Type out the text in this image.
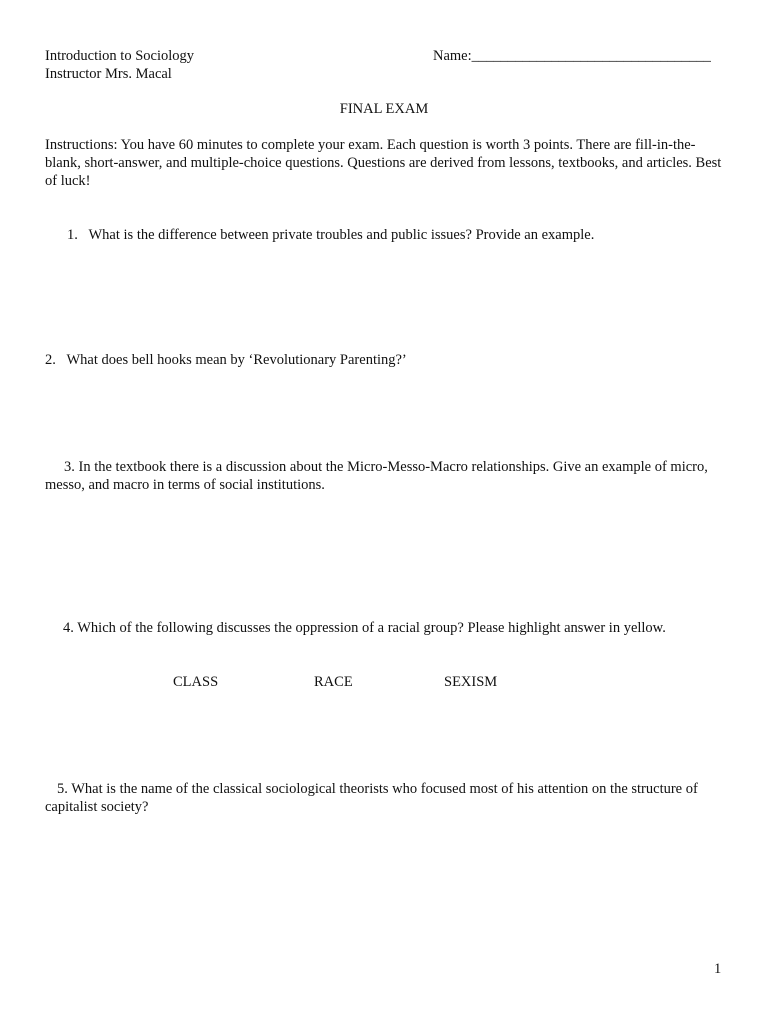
Introduction to Sociology
Instructor Mrs. Macal
Name:_________________________________
FINAL EXAM
Instructions: You have 60 minutes to complete your exam. Each question is worth 3 points. There are fill-in-the-blank, short-answer, and multiple-choice questions. Questions are derived from lessons, textbooks, and articles. Best of luck!
1. What is the difference between private troubles and public issues? Provide an example.
2. What does bell hooks mean by ‘Revolutionary Parenting?’
3. In the textbook there is a discussion about the Micro-Messo-Macro relationships. Give an example of micro, messo, and macro in terms of social institutions.
4. Which of the following discusses the oppression of a racial group? Please highlight answer in yellow.
CLASS	RACE	SEXISM
5. What is the name of the classical sociological theorists who focused most of his attention on the structure of capitalist society?
1
